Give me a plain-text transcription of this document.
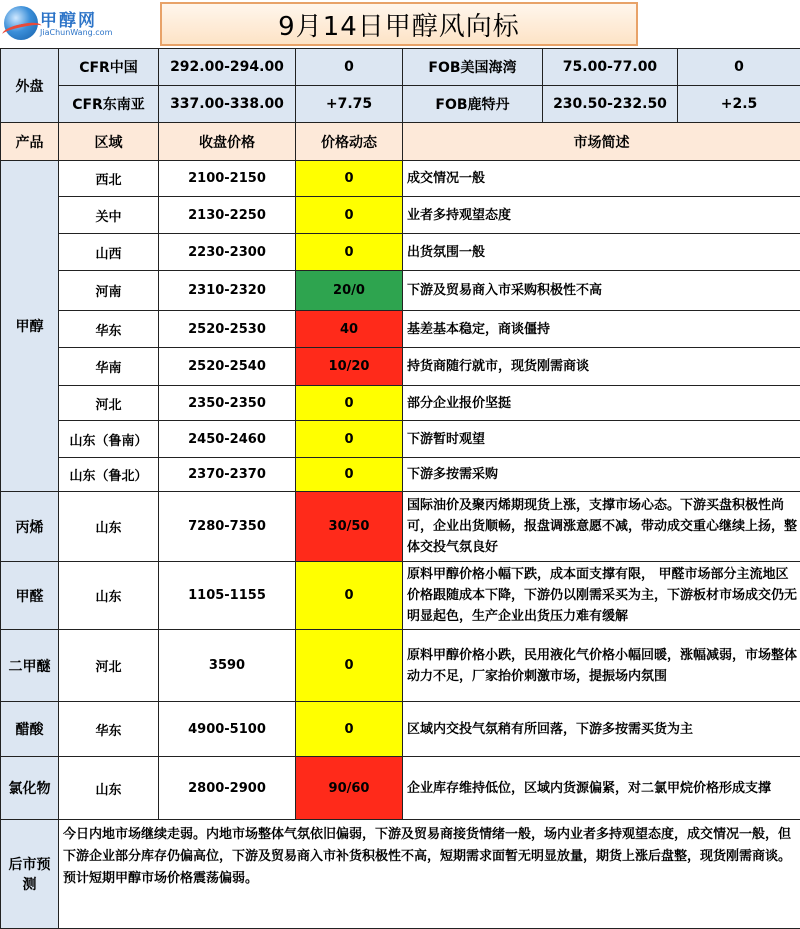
甲醇网
JiaChunWang.com	9月14日甲醇风向标
外盘	CFR中国	292.00-294.00	0	FOB美国海湾	75.00-77.00	0
	CFR东南亚	337.00-338.00	+7.75	FOB鹿特丹	230.50-232.50	+2.5
产品	区域	收盘价格	价格动态	市场简述		
甲醇	西北	2100-2150	0	成交情况一般		
	关中	2130-2250	0	业者多持观望态度		
	山西	2230-2300	0	出货氛围一般		
	河南	2310-2320	20/0	下游及贸易商入市采购积极性不高		
	华东	2520-2530	40	基差基本稳定，商谈僵持		
	华南	2520-2540	10/20	持货商随行就市，现货刚需商谈		
	河北	2350-2350	0	部分企业报价坚挺		
	山东（鲁南）	2450-2460	0	下游暂时观望		
	山东（鲁北）	2370-2370	0	下游多按需采购		
丙烯	山东	7280-7350	30/50	国际油价及聚丙烯期现货上涨，支撑市场心态。下游买盘积极性尚可，企业出货顺畅，报盘调涨意愿不减，带动成交重心继续上扬，整体交投气氛良好		
甲醛	山东	1105-1155	0	原料甲醇价格小幅下跌，成本面支撑有限， 甲醛市场部分主流地区价格跟随成本下降，下游仍以刚需采买为主，下游板材市场成交仍无明显起色，生产企业出货压力难有缓解		
二甲醚	河北	3590	0	原料甲醇价格小跌，民用液化气价格小幅回暖，涨幅减弱，市场整体动力不足，厂家抬价刺激市场，提振场内氛围		
醋酸	华东	4900-5100	0	区域内交投气氛稍有所回落，下游多按需买货为主		
氯化物	山东	2800-2900	90/60	企业库存维持低位，区域内货源偏紧，对二氯甲烷价格形成支撑		
后市预测	今日内地市场继续走弱。内地市场整体气氛依旧偏弱，下游及贸易商接货情绪一般，场内业者多持观望态度，成交情况一般，但下游企业部分库存仍偏高位，下游及贸易商入市补货积极性不高，短期需求面暂无明显放量，期货上涨后盘整，现货刚需商谈。预计短期甲醇市场价格震荡偏弱。					
